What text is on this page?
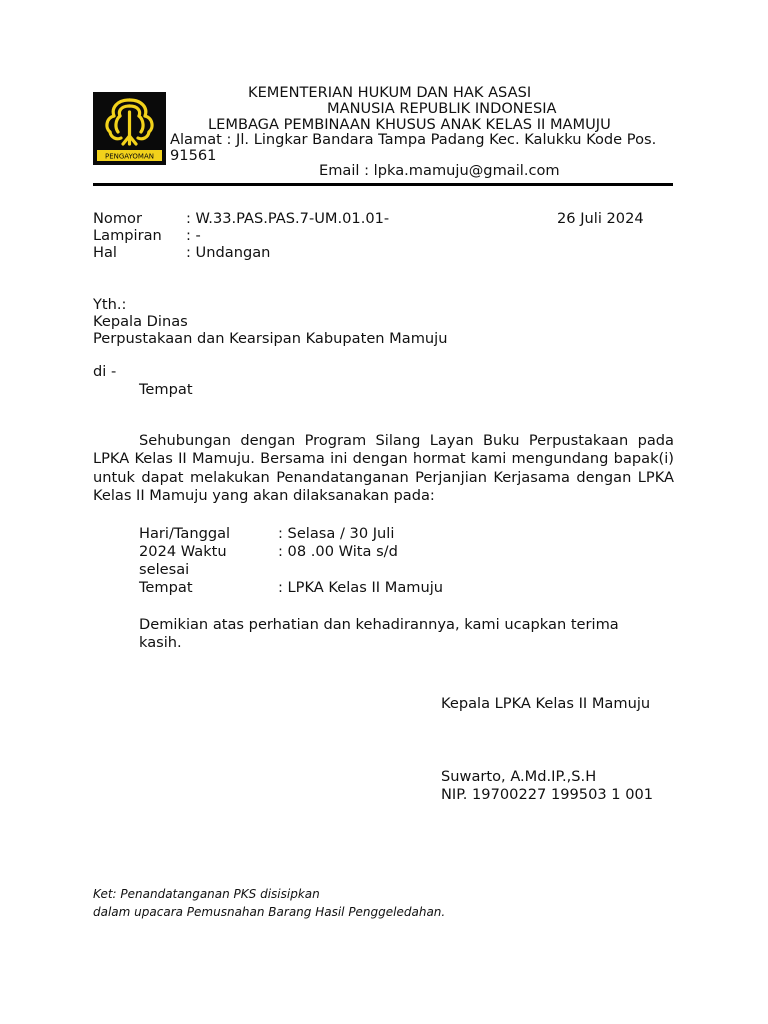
PENGAYOMAN
KEMENTERIAN HUKUM DAN HAK ASASI
MANUSIA REPUBLIK INDONESIA
LEMBAGA PEMBINAAN KHUSUS ANAK KELAS II MAMUJU
Alamat : Jl. Lingkar Bandara Tampa Padang Kec. Kalukku Kode Pos.
91561
Email : lpka.mamuju@gmail.com
Nomor	: W.33.PAS.PAS.7-UM.01.01-	26 Juli 2024
Lampiran : -
Hal	: Undangan
Yth.:
Kepala Dinas
Perpustakaan dan Kearsipan Kabupaten Mamuju
di -
Tempat
Sehubungan dengan Program Silang Layan Buku Perpustakaan pada LPKA Kelas II Mamuju. Bersama ini dengan hormat kami mengundang bapak(i) untuk dapat melakukan Penandatanganan Perjanjian Kerjasama dengan LPKA Kelas II Mamuju yang akan dilaksanakan pada:
Hari/Tanggal	: Selasa / 30 Juli
2024 Waktu	: 08 .00 Wita s/d
selesai
Tempat	: LPKA Kelas II Mamuju
Demikian atas perhatian dan kehadirannya, kami ucapkan terima
kasih.
Kepala LPKA Kelas II Mamuju
Suwarto, A.Md.IP.,S.H
NIP. 19700227 199503 1 001
Ket: Penandatanganan PKS disisipkan
dalam upacara Pemusnahan Barang Hasil Penggeledahan.
